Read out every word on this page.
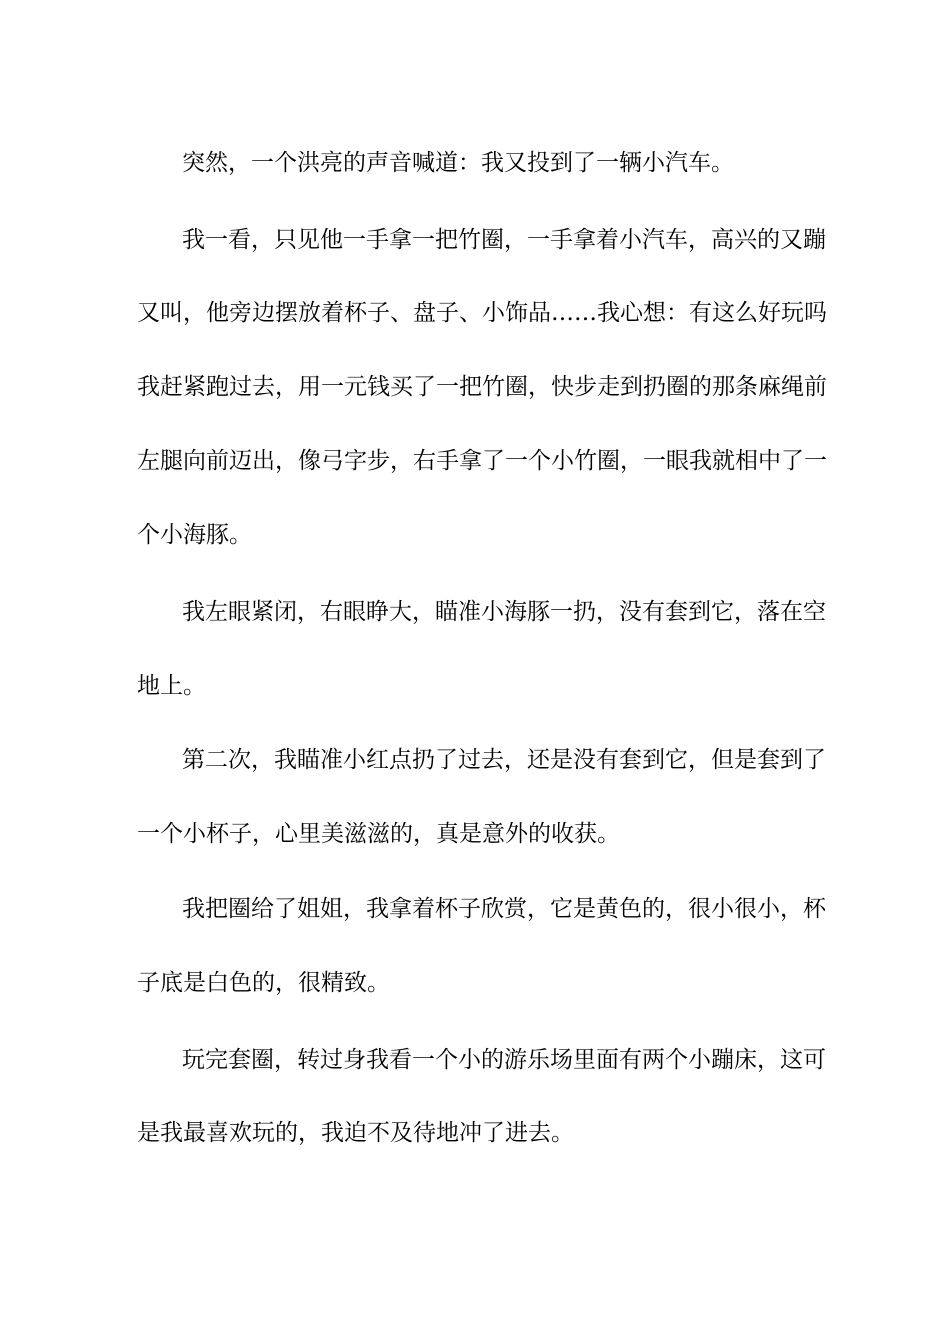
突然，一个洪亮的声音喊道：我又投到了一辆小汽车。
我一看，只见他一手拿一把竹圈，一手拿着小汽车，高兴的又蹦
又叫，他旁边摆放着杯子、盘子、小饰品……我心想：有这么好玩吗
我赶紧跑过去，用一元钱买了一把竹圈，快步走到扔圈的那条麻绳前
左腿向前迈出，像弓字步，右手拿了一个小竹圈，一眼我就相中了一
个小海豚。
我左眼紧闭，右眼睁大，瞄准小海豚一扔，没有套到它，落在空
地上。
第二次，我瞄准小红点扔了过去，还是没有套到它，但是套到了
一个小杯子，心里美滋滋的，真是意外的收获。
我把圈给了姐姐，我拿着杯子欣赏，它是黄色的，很小很小，杯
子底是白色的，很精致。
玩完套圈，转过身我看一个小的游乐场里面有两个小蹦床，这可
是我最喜欢玩的，我迫不及待地冲了进去。
